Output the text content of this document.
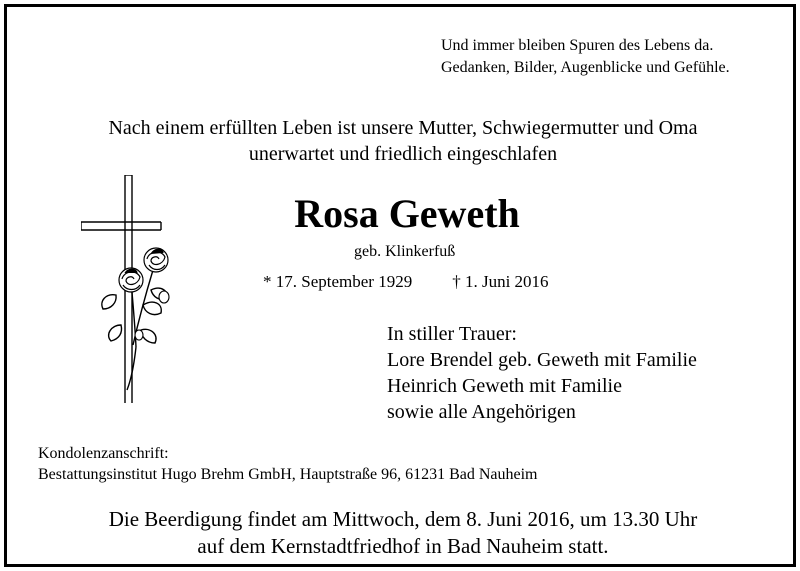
Und immer bleiben Spuren des Lebens da.
Gedanken, Bilder, Augenblicke und Gefühle.
Nach einem erfüllten Leben ist unsere Mutter, Schwiegermutter und Oma
unerwartet und friedlich eingeschlafen
Rosa Geweth
geb. Klinkerfuß
* 17. September 1929 † 1. Juni 2016
In stiller Trauer:
Lore Brendel geb. Geweth mit Familie
Heinrich Geweth mit Familie
sowie alle Angehörigen
Kondolenzanschrift:
Bestattungsinstitut Hugo Brehm GmbH, Hauptstraße 96, 61231 Bad Nauheim
Die Beerdigung findet am Mittwoch, dem 8. Juni 2016, um 13.30 Uhr
auf dem Kernstadtfriedhof in Bad Nauheim statt.
